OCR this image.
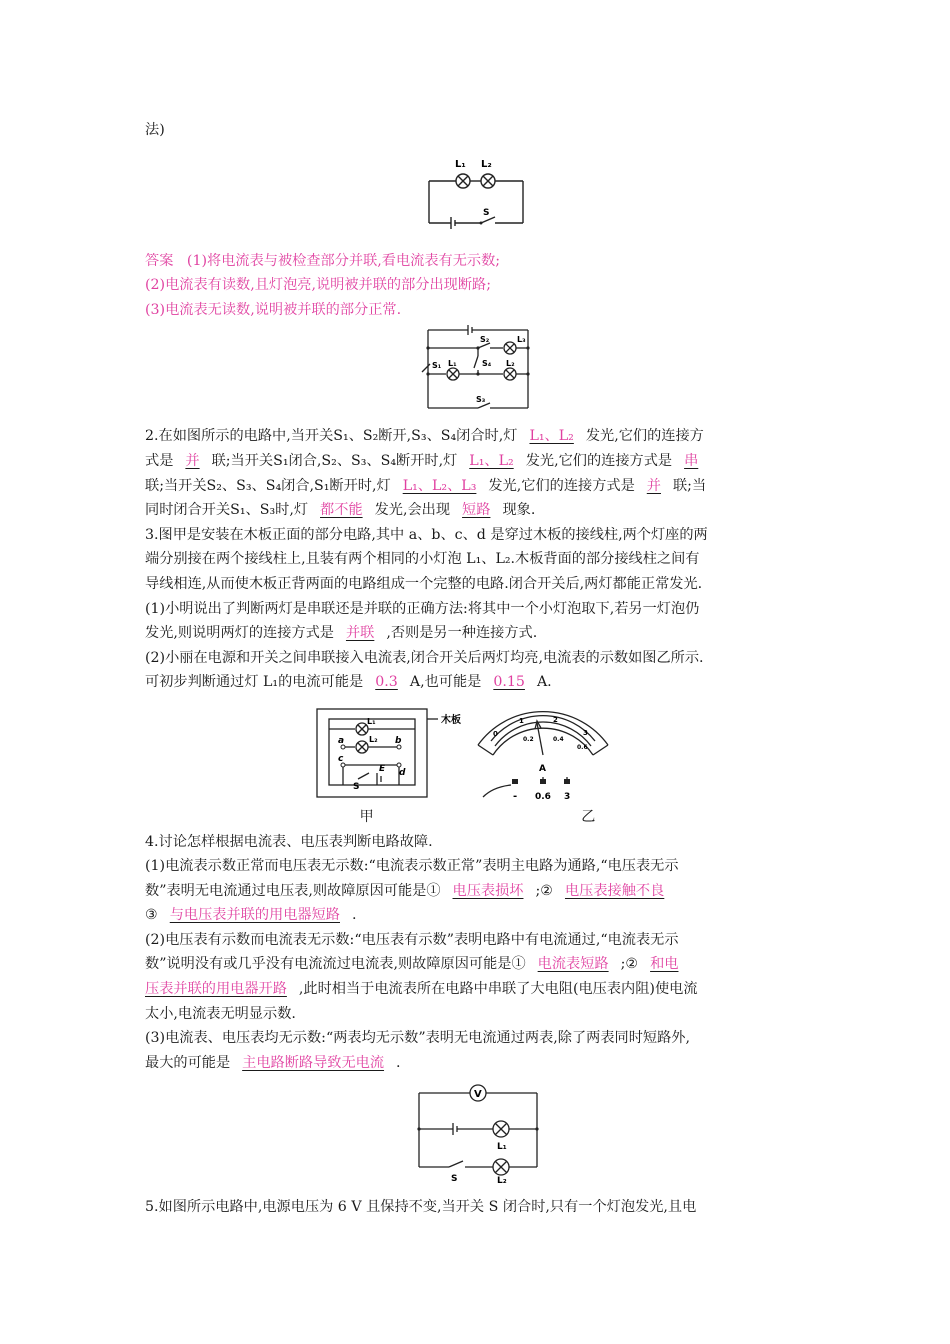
法)
L₁ L₂
S
答案 (1)将电流表与被检查部分并联,看电流表有无示数;
(2)电流表有读数,且灯泡亮,说明被并联的部分出现断路;
(3)电流表无读数,说明被并联的部分正常.
S₂	L₃
S₄
S₁ L₁	L₂
S₃
2.在如图所示的电路中,当开关S₁、S₂断开,S₃、S₄闭合时,灯 L₁、L₂ 发光,它们的连接方
式是 并 联;当开关S₁闭合,S₂、S₃、S₄断开时,灯 L₁、L₂ 发光,它们的连接方式是 串
联;当开关S₂、S₃、S₄闭合,S₁断开时,灯 L₁、L₂、L₃ 发光,它们的连接方式是 并 联;当
同时闭合开关S₁、S₃时,灯 都不能 发光,会出现 短路 现象.
3.图甲是安装在木板正面的部分电路,其中 a、b、c、d 是穿过木板的接线柱,两个灯座的两
端分别接在两个接线柱上,且装有两个相同的小灯泡 L₁、L₂.木板背面的部分接线柱之间有
导线相连,从而使木板正背两面的电路组成一个完整的电路.闭合开关后,两灯都能正常发光.
(1)小明说出了判断两灯是串联还是并联的正确方法:将其中一个小灯泡取下,若另一灯泡仍
发光,则说明两灯的连接方式是 并联 ,否则是另一种连接方式.
(2)小丽在电源和开关之间串联接入电流表,闭合开关后两灯均亮,电流表的示数如图乙所示.
可初步判断通过灯 L₁的电流可能是 0.3 A,也可能是 0.15 A.
木板
L₁
L₂
a	b
c
d
E
S
0
1	2
3
0.2	0.4
0.6
A
- 0.6 3
甲	乙
4.讨论怎样根据电流表、电压表判断电路故障.
(1)电流表示数正常而电压表无示数:“电流表示数正常”表明主电路为通路,“电压表无示
数”表明无电流通过电压表,则故障原因可能是① 电压表损坏 ;② 电压表接触不良
③ 与电压表并联的用电器短路 .
(2)电压表有示数而电流表无示数:“电压表有示数”表明电路中有电流通过,“电流表无示
数”说明没有或几乎没有电流流过电流表,则故障原因可能是① 电流表短路 ;② 和电
压表并联的用电器开路 ,此时相当于电流表所在电路中串联了大电阻(电压表内阻)使电流
太小,电流表无明显示数.
(3)电流表、电压表均无示数:“两表均无示数”表明无电流通过两表,除了两表同时短路外,
最大的可能是 主电路断路导致无电流 .
V
L₁
S	L₂
5.如图所示电路中,电源电压为 6 V 且保持不变,当开关 S 闭合时,只有一个灯泡发光,且电
